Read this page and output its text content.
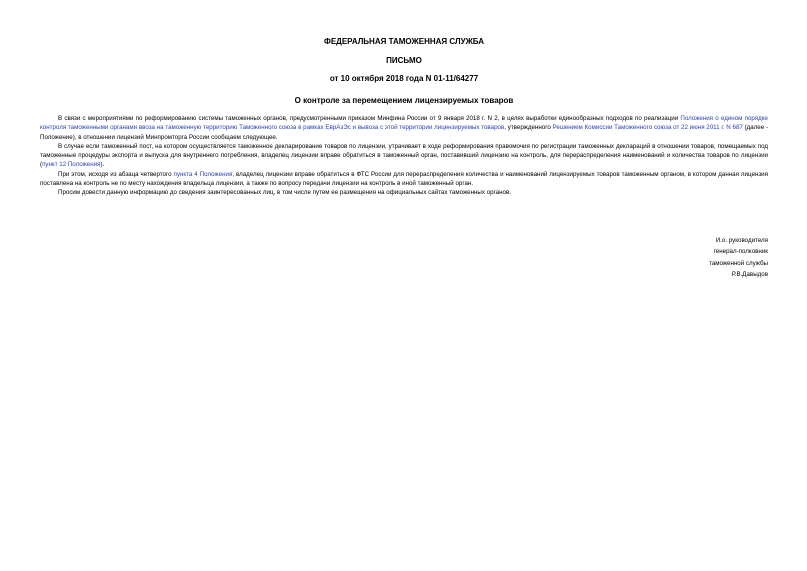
ФЕДЕРАЛЬНАЯ ТАМОЖЕННАЯ СЛУЖБА
ПИСЬМО
от 10 октября 2018 года N 01-11/64277
О контроле за перемещением лицензируемых товаров

В связи с мероприятиями по реформированию системы таможенных органов, предусмотренными приказом Минфина России от 9 января 2018 г. N 2, в целях выработки единообразных подходов по реализации Положения о едином порядке контроля таможенными органами ввоза на таможенную территорию Таможенного союза в рамках ЕврАзЭс и вывоза с этой территории лицензируемых товаров, утвержденного Решением Комиссии Таможенного союза от 22 июня 2011 г. N 687 (далее - Положение), в отношении лицензий Минпромторга России сообщаем следующее.

В случае если таможенный пост, на котором осуществляется таможенное декларирование товаров по лицензии, утрачивает в ходе реформирования правомочия по регистрации таможенных деклараций в отношении товаров, помещаемых под таможенные процедуры экспорта и выпуска для внутреннего потребления, владелец лицензии вправе обратиться в таможенный орган, поставивший лицензию на контроль, для перераспределения наименований и количества товаров по лицензии (пункт 12 Положения).

При этом, исходя из абзаца четвертого пункта 4 Положения, владелец лицензии вправе обратиться в ФТС России для перераспределения количества и наименований лицензируемых товаров таможенным органом, в котором данная лицензия поставлена на контроль не по месту нахождения владельца лицензии, а также по вопросу передачи лицензии на контроль в иной таможенный орган.

Просим довести данную информацию до сведения заинтересованных лиц, в том числе путем ее размещения на официальных сайтах таможенных органов.

И.о. руководителя
генерал-полковник
таможенной службы
Р.В.Давыдов
